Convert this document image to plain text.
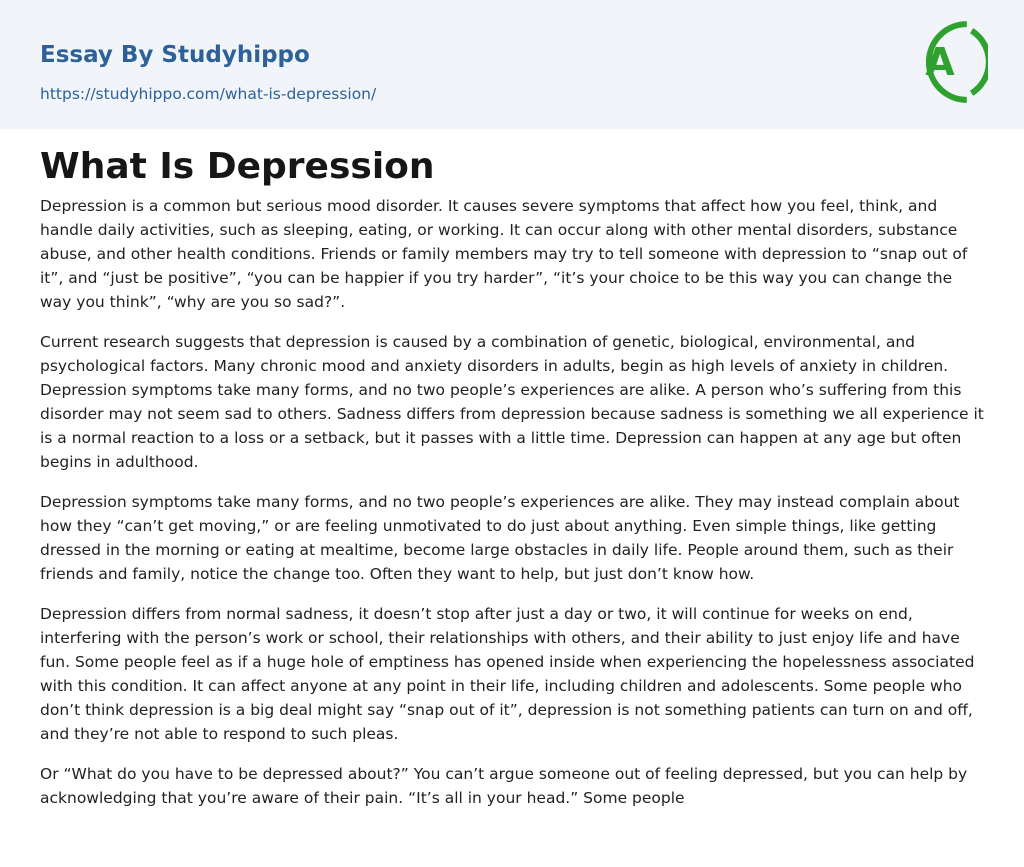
Essay By Studyhippo
https://studyhippo.com/what-is-depression/
A
What Is Depression

Depression is a common but serious mood disorder. It causes severe symptoms that affect how you feel, think, and handle daily activities, such as sleeping, eating, or working. It can occur along with other mental disorders, substance abuse, and other health conditions. Friends or family members may try to tell someone with depression to “snap out of it”, and “just be positive”, “you can be happier if you try harder”, “it’s your choice to be this way you can change the way you think”, “why are you so sad?”.

Current research suggests that depression is caused by a combination of genetic, biological, environmental, and psychological factors. Many chronic mood and anxiety disorders in adults, begin as high levels of anxiety in children. Depression symptoms take many forms, and no two people’s experiences are alike. A person who’s suffering from this disorder may not seem sad to others. Sadness differs from depression because sadness is something we all experience it is a normal reaction to a loss or a setback, but it passes with a little time. Depression can happen at any age but often begins in adulthood.

Depression symptoms take many forms, and no two people’s experiences are alike. They may instead complain about how they “can’t get moving,” or are feeling unmotivated to do just about anything. Even simple things, like getting dressed in the morning or eating at mealtime, become large obstacles in daily life. People around them, such as their friends and family, notice the change too. Often they want to help, but just don’t know how.

Depression differs from normal sadness, it doesn’t stop after just a day or two, it will continue for weeks on end, interfering with the person’s work or school, their relationships with others, and their ability to just enjoy life and have fun. Some people feel as if a huge hole of emptiness has opened inside when experiencing the hopelessness associated with this condition. It can affect anyone at any point in their life, including children and adolescents. Some people who don’t think depression is a big deal might say “snap out of it”, depression is not something patients can turn on and off, and they’re not able to respond to such pleas.

Or “What do you have to be depressed about?” You can’t argue someone out of feeling depressed, but you can help by acknowledging that you’re aware of their pain. “It’s all in your head.” Some people
